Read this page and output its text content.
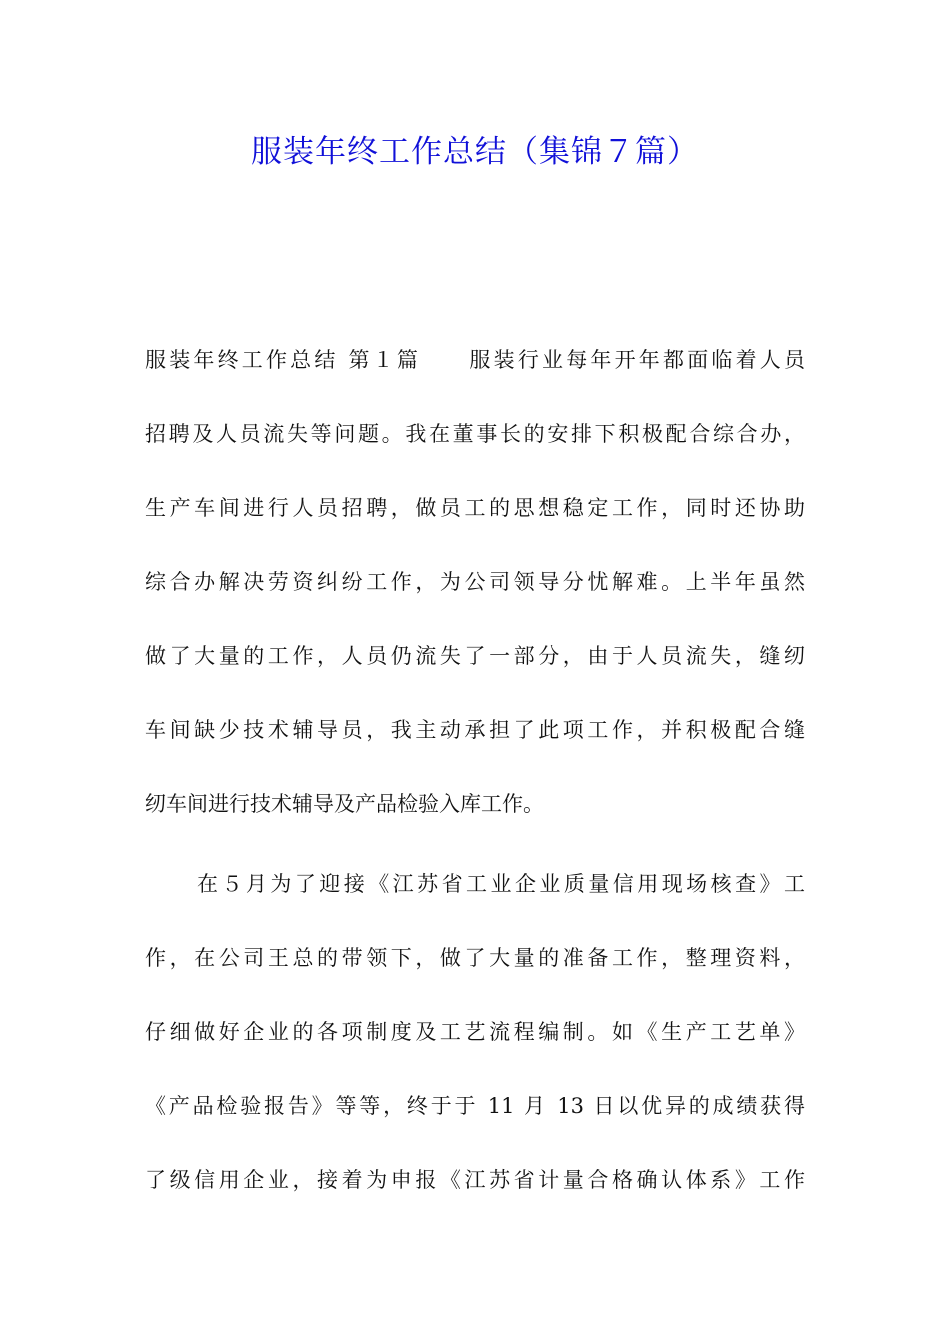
服装年终工作总结（集锦７篇）
服装年终工作总结 第１篇　　服装行业每年开年都面临着人员
招聘及人员流失等问题。我在董事长的安排下积极配合综合办，
生产车间进行人员招聘，做员工的思想稳定工作，同时还协助
综合办解决劳资纠纷工作，为公司领导分忧解难。上半年虽然
做了大量的工作，人员仍流失了一部分，由于人员流失，缝纫
车间缺少技术辅导员，我主动承担了此项工作，并积极配合缝
纫车间进行技术辅导及产品检验入库工作。
在５月为了迎接《江苏省工业企业质量信用现场核查》工
作，在公司王总的带领下，做了大量的准备工作，整理资料，
仔细做好企业的各项制度及工艺流程编制。如《生产工艺单》
《产品检验报告》等等，终于于 11 月 13 日以优异的成绩获得
了级信用企业，接着为申报《江苏省计量合格确认体系》工作
